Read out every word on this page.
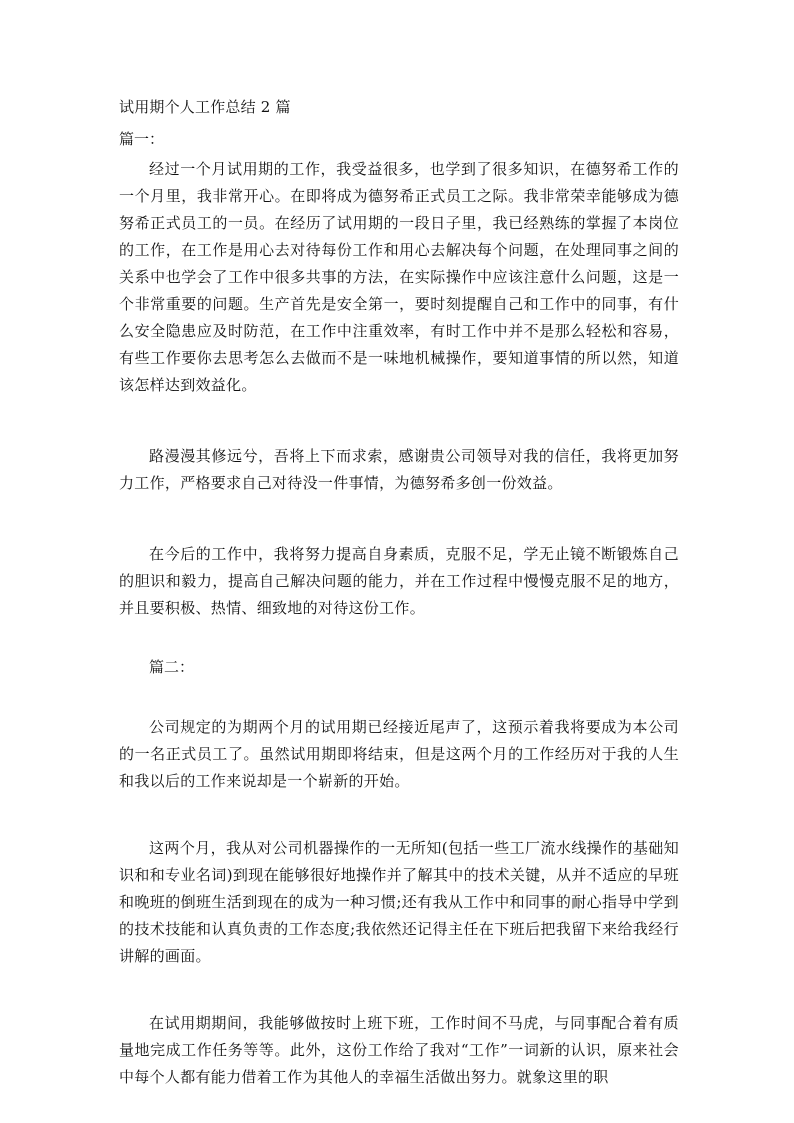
试用期个人工作总结 2 篇
篇一：

经过一个月试用期的工作，我受益很多，也学到了很多知识，在德努希工作的一个月里，我非常开心。在即将成为德努希正式员工之际。我非常荣幸能够成为德努希正式员工的一员。在经历了试用期的一段日子里，我已经熟练的掌握了本岗位的工作，在工作是用心去对待每份工作和用心去解决每个问题，在处理同事之间的关系中也学会了工作中很多共事的方法，在实际操作中应该注意什么问题，这是一个非常重要的问题。生产首先是安全第一，要时刻提醒自己和工作中的同事，有什么安全隐患应及时防范，在工作中注重效率，有时工作中并不是那么轻松和容易，有些工作要你去思考怎么去做而不是一味地机械操作，要知道事情的所以然，知道该怎样达到效益化。

路漫漫其修远兮，吾将上下而求索，感谢贵公司领导对我的信任，我将更加努力工作，严格要求自己对待没一件事情，为德努希多创一份效益。

在今后的工作中，我将努力提高自身素质，克服不足，学无止镜不断锻炼自己的胆识和毅力，提高自己解决问题的能力，并在工作过程中慢慢克服不足的地方，并且要积极、热情、细致地的对待这份工作。

篇二：

公司规定的为期两个月的试用期已经接近尾声了，这预示着我将要成为本公司的一名正式员工了。虽然试用期即将结束，但是这两个月的工作经历对于我的人生和我以后的工作来说却是一个崭新的开始。

这两个月，我从对公司机器操作的一无所知(包括一些工厂流水线操作的基础知识和和专业名词)到现在能够很好地操作并了解其中的技术关键，从并不适应的早班和晚班的倒班生活到现在的成为一种习惯;还有我从工作中和同事的耐心指导中学到的技术技能和认真负责的工作态度;我依然还记得主任在下班后把我留下来给我经行讲解的画面。

在试用期期间，我能够做按时上班下班，工作时间不马虎，与同事配合着有质量地完成工作任务等等。此外，这份工作给了我对“工作”一词新的认识，原来社会中每个人都有能力借着工作为其他人的幸福生活做出努力。就象这里的职
